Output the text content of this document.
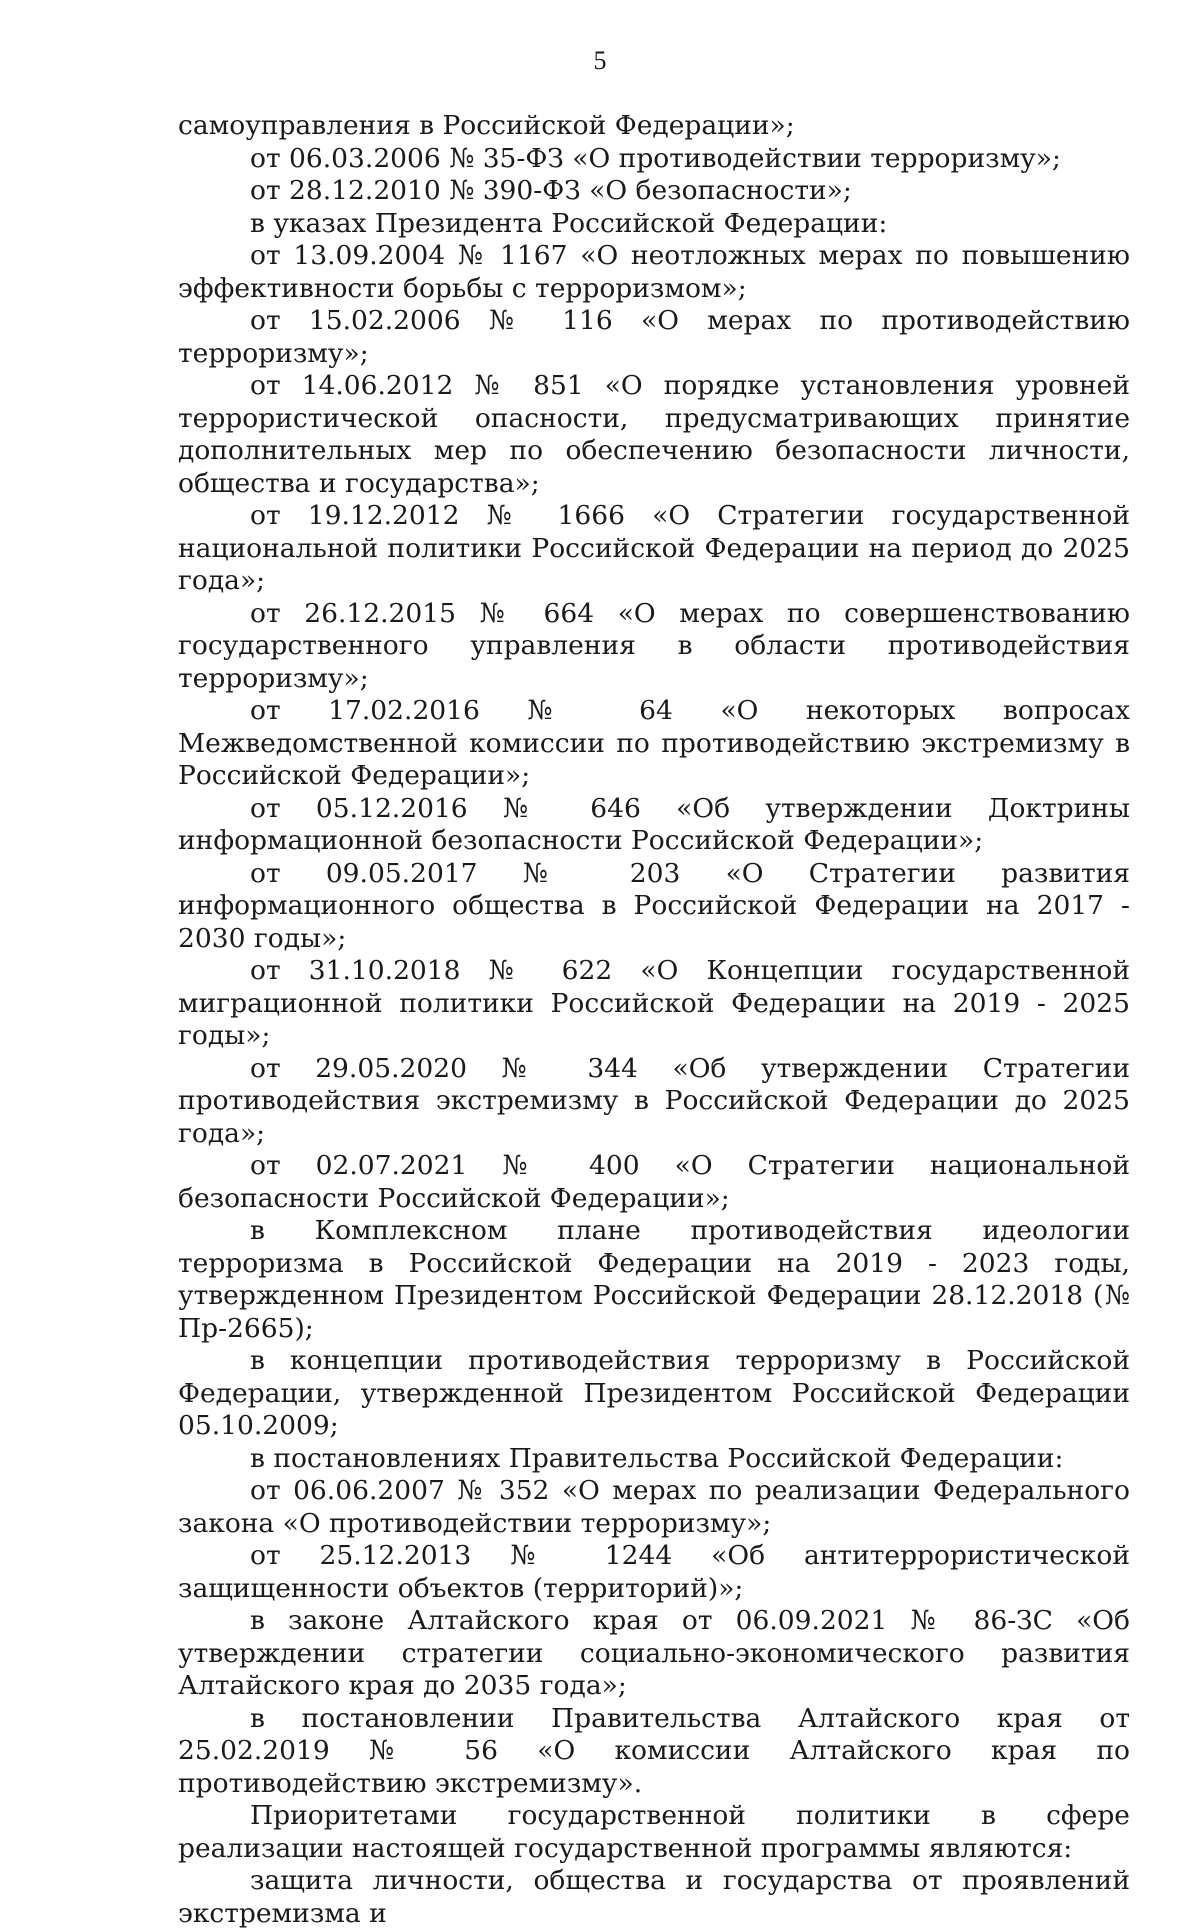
5

самоуправления в Российской Федерации»;

от 06.03.2006 № 35-ФЗ «О противодействии терроризму»;

от 28.12.2010 № 390-ФЗ «О безопасности»;

в указах Президента Российской Федерации:

от 13.09.2004 № 1167 «О неотложных мерах по повышению эффективности борьбы с терроризмом»;

от 15.02.2006 № 116 «О мерах по противодействию терроризму»;

от 14.06.2012 № 851 «О порядке установления уровней террористической опасности, предусматривающих принятие дополнительных мер по обеспечению безопасности личности, общества и государства»;

от 19.12.2012 № 1666 «О Стратегии государственной национальной политики Российской Федерации на период до 2025 года»;

от 26.12.2015 № 664 «О мерах по совершенствованию государственного управления в области противодействия терроризму»;

от 17.02.2016 № 64 «О некоторых вопросах Межведомственной комиссии по противодействию экстремизму в Российской Федерации»;

от 05.12.2016 № 646 «Об утверждении Доктрины информационной безопасности Российской Федерации»;

от 09.05.2017 № 203 «О Стратегии развития информационного общества в Российской Федерации на 2017 - 2030 годы»;

от 31.10.2018 № 622 «О Концепции государственной миграционной политики Российской Федерации на 2019 - 2025 годы»;

от 29.05.2020 № 344 «Об утверждении Стратегии противодействия экстремизму в Российской Федерации до 2025 года»;

от 02.07.2021 № 400 «О Стратегии национальной безопасности Российской Федерации»;

в Комплексном плане противодействия идеологии терроризма в Российской Федерации на 2019 - 2023 годы, утвержденном Президентом Российской Федерации 28.12.2018 (№ Пр-2665);

в концепции противодействия терроризму в Российской Федерации, утвержденной Президентом Российской Федерации 05.10.2009;

в постановлениях Правительства Российской Федерации:

от 06.06.2007 № 352 «О мерах по реализации Федерального закона «О противодействии терроризму»;

от 25.12.2013 № 1244 «Об антитеррористической защищенности объектов (территорий)»;

в законе Алтайского края от 06.09.2021 № 86-ЗС «Об утверждении стратегии социально-экономического развития Алтайского края до 2035 года»;

в постановлении Правительства Алтайского края от 25.02.2019 № 56 «О комиссии Алтайского края по противодействию экстремизму».

Приоритетами государственной политики в сфере реализации настоящей государственной программы являются:

защита личности, общества и государства от проявлений экстремизма и
